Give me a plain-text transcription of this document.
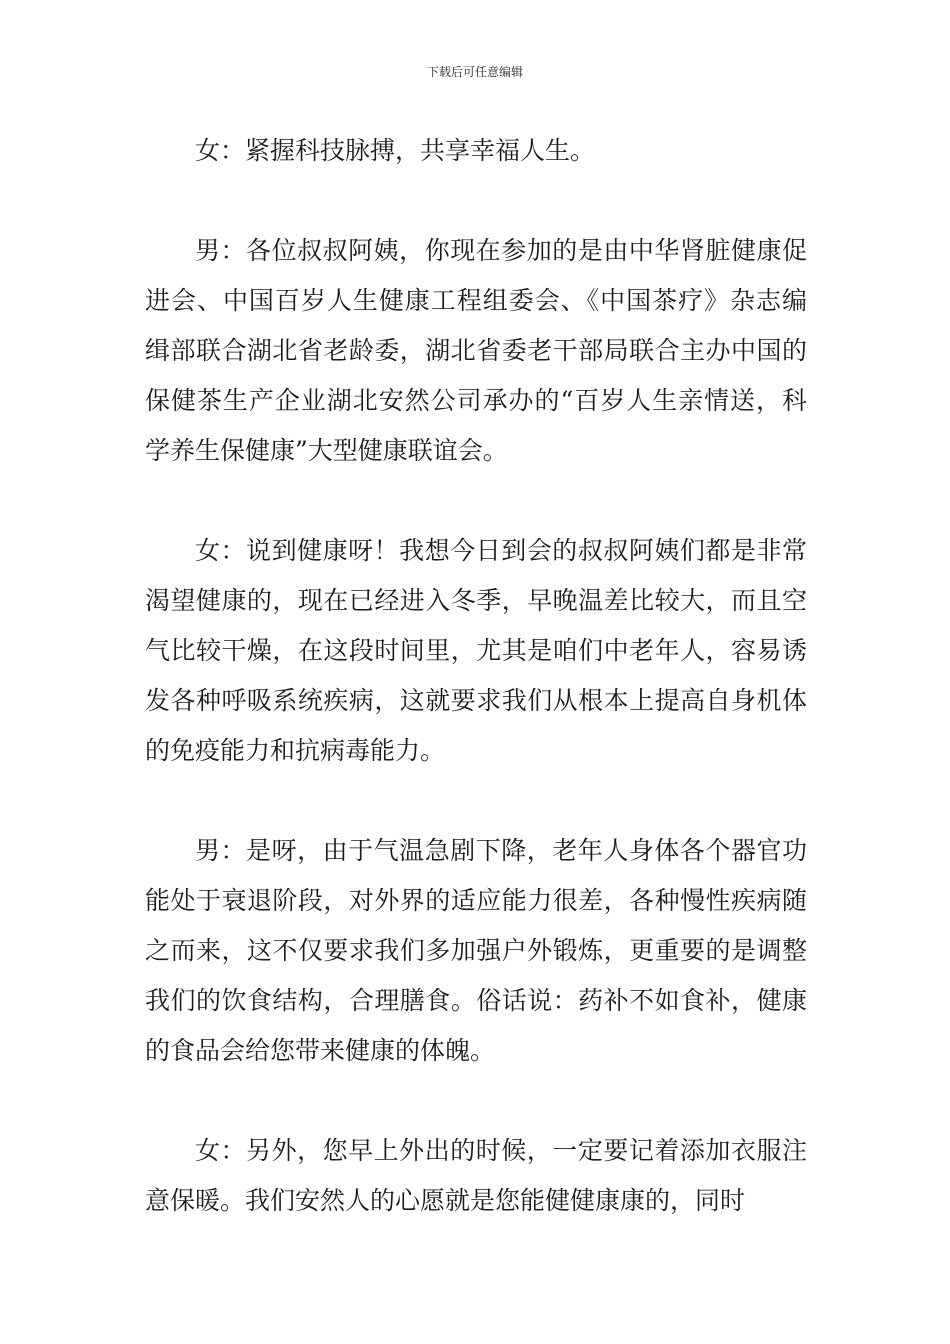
下载后可任意编辑

女：紧握科技脉搏，共享幸福人生。

男：各位叔叔阿姨，你现在参加的是由中华肾脏健康促进会、中国百岁人生健康工程组委会、《中国茶疗》杂志编缉部联合湖北省老龄委，湖北省委老干部局联合主办中国的保健茶生产企业湖北安然公司承办的“百岁人生亲情送，科学养生保健康”大型健康联谊会。

女：说到健康呀！我想今日到会的叔叔阿姨们都是非常渴望健康的，现在已经进入冬季，早晚温差比较大，而且空气比较干燥，在这段时间里，尤其是咱们中老年人，容易诱发各种呼吸系统疾病，这就要求我们从根本上提高自身机体的免疫能力和抗病毒能力。

男：是呀，由于气温急剧下降，老年人身体各个器官功能处于衰退阶段，对外界的适应能力很差，各种慢性疾病随之而来，这不仅要求我们多加强户外锻炼，更重要的是调整我们的饮食结构，合理膳食。俗话说：药补不如食补，健康的食品会给您带来健康的体魄。

女：另外，您早上外出的时候，一定要记着添加衣服注意保暖。我们安然人的心愿就是您能健健康康的，同时
